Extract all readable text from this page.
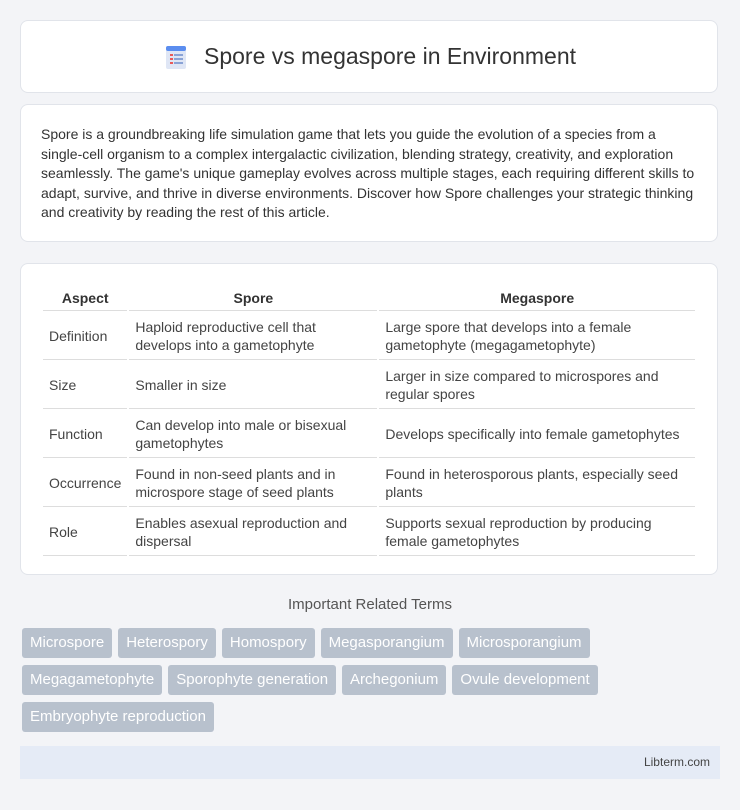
Spore vs megaspore in Environment

Spore is a groundbreaking life simulation game that lets you guide the evolution of a species from a single-cell organism to a complex intergalactic civilization, blending strategy, creativity, and exploration seamlessly. The game's unique gameplay evolves across multiple stages, each requiring different skills to adapt, survive, and thrive in diverse environments. Discover how Spore challenges your strategic thinking and creativity by reading the rest of this article.

Aspect	Spore	Megaspore
Definition	Haploid reproductive cell that develops into a gametophyte	Large spore that develops into a female gametophyte (megagametophyte)
Size	Smaller in size	Larger in size compared to microspores and regular spores
Function	Can develop into male or bisexual gametophytes	Develops specifically into female gametophytes
Occurrence	Found in non-seed plants and in microspore stage of seed plants	Found in heterosporous plants, especially seed plants
Role	Enables asexual reproduction and dispersal	Supports sexual reproduction by producing female gametophytes
Important Related Terms
Microspore	Heterospory	Homospory	Megasporangium	Microsporangium
Megagametophyte	Sporophyte generation	Archegonium	Ovule development
Embryophyte reproduction
Libterm.com
